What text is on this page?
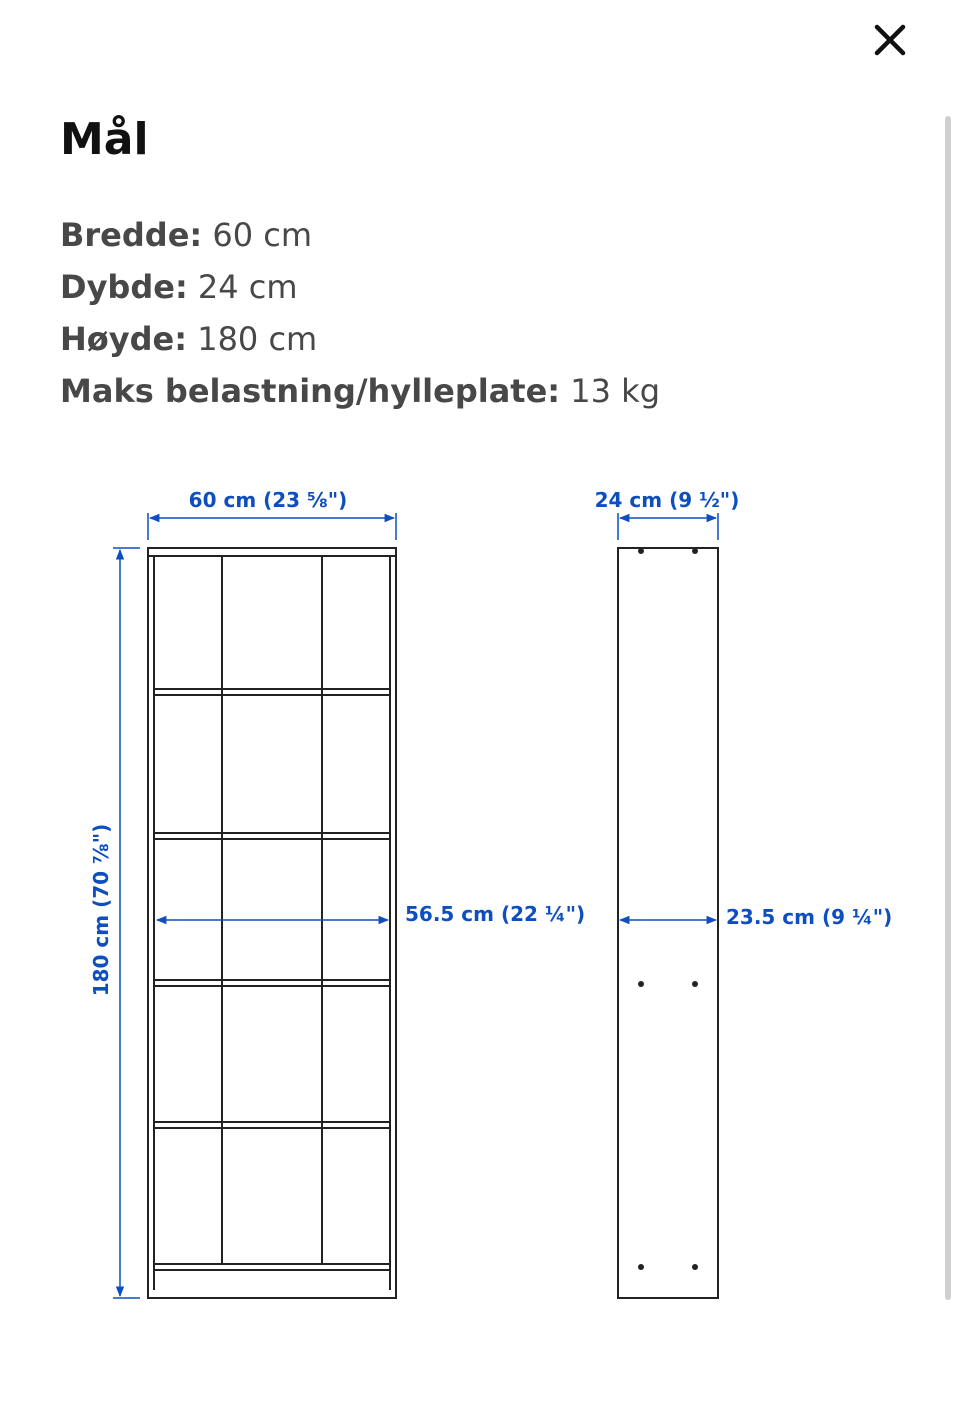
Mål
Bredde: 60 cm
Dybde: 24 cm
Høyde: 180 cm
Maks belastning/hylleplate: 13 kg
60 cm (23 ⅝")
180 cm (70 ⅞")	56.5 cm (22 ¼")
24 cm (9 ½")
23.5 cm (9 ¼")
